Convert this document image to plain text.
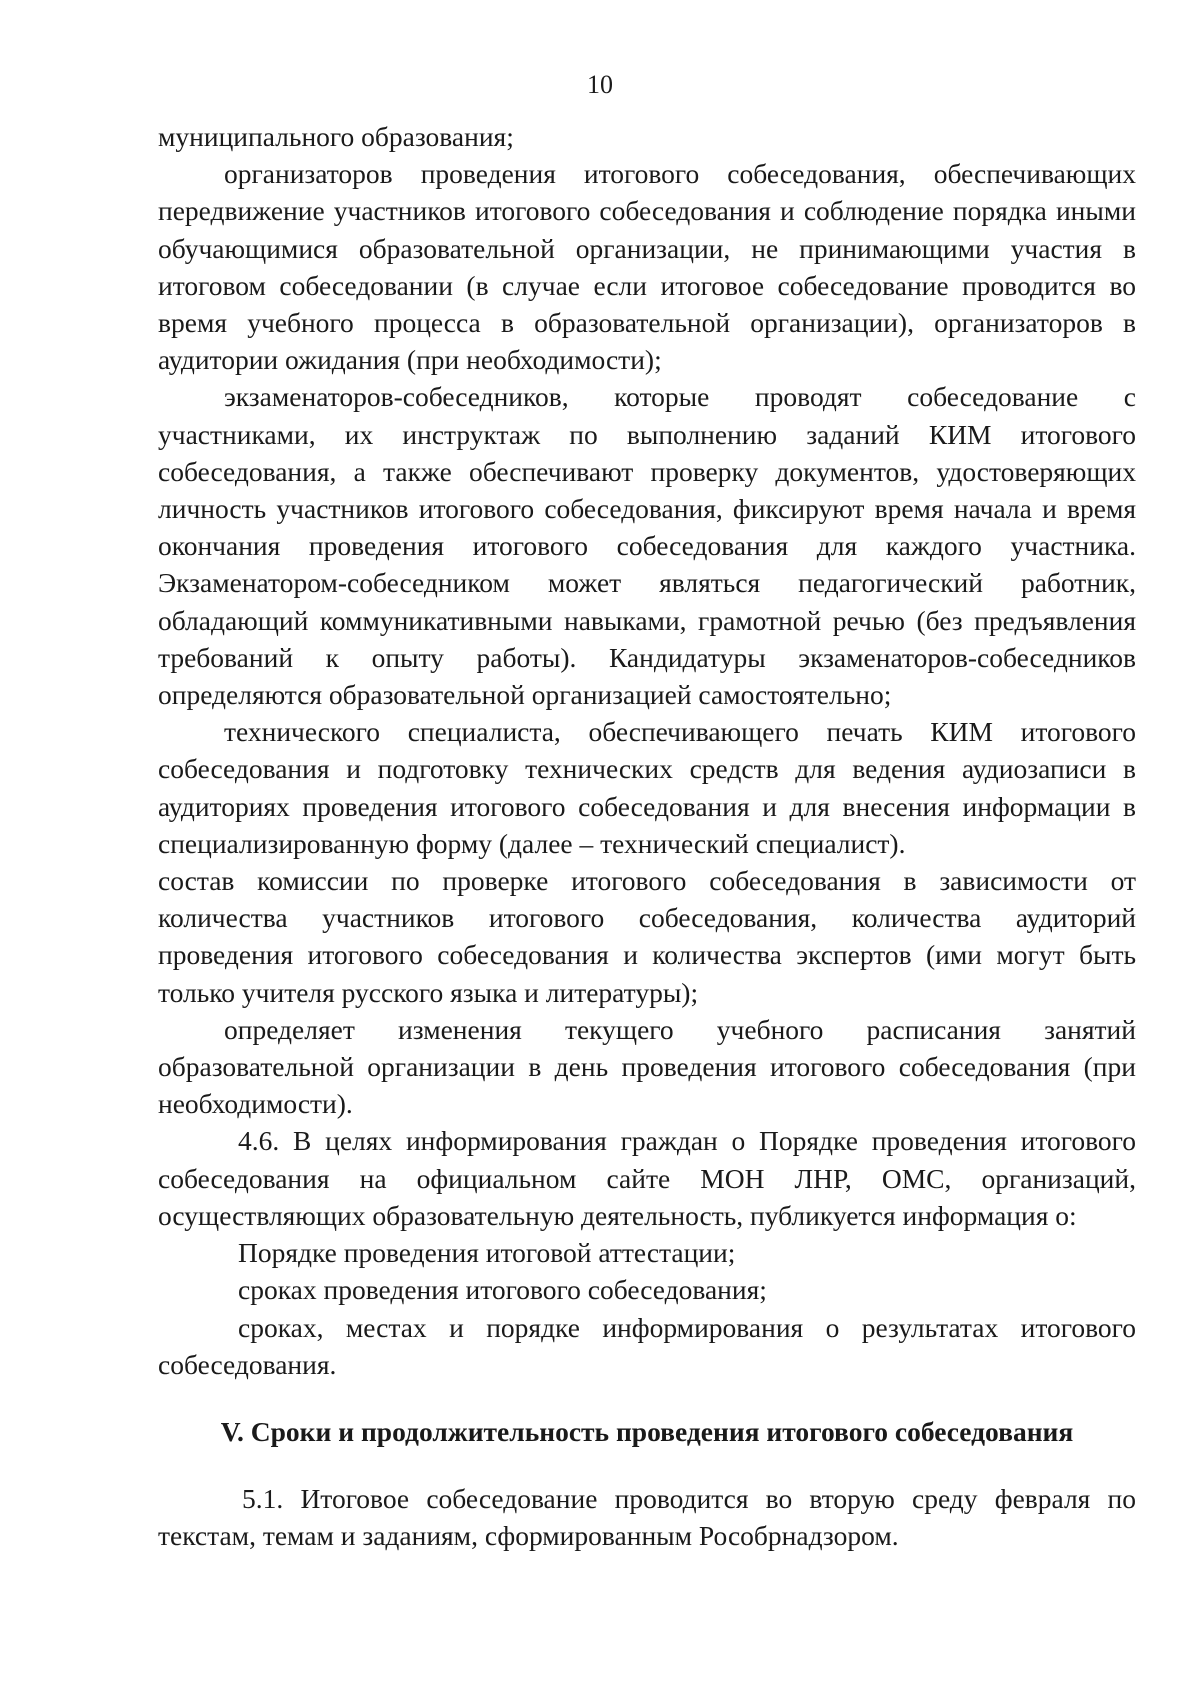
10

муниципального образования;

организаторов проведения итогового собеседования, обеспечивающих передвижение участников итогового собеседования и соблюдение порядка иными обучающимися образовательной организации, не принимающими участия в итоговом собеседовании (в случае если итоговое собеседование проводится во время учебного процесса в образовательной организации), организаторов в аудитории ожидания (при необходимости);

экзаменаторов-собеседников, которые проводят собеседование с участниками, их инструктаж по выполнению заданий КИМ итогового собеседования, а также обеспечивают проверку документов, удостоверяющих личность участников итогового собеседования, фиксируют время начала и время окончания проведения итогового собеседования для каждого участника. Экзаменатором-собеседником может являться педагогический работник, обладающий коммуникативными навыками, грамотной речью (без предъявления требований к опыту работы). Кандидатуры экзаменаторов-собеседников определяются образовательной организацией самостоятельно;

технического специалиста, обеспечивающего печать КИМ итогового собеседования и подготовку технических средств для ведения аудиозаписи в аудиториях проведения итогового собеседования и для внесения информации в специализированную форму (далее – технический специалист).

состав комиссии по проверке итогового собеседования в зависимости от количества участников итогового собеседования, количества аудиторий проведения итогового собеседования и количества экспертов (ими могут быть только учителя русского языка и литературы);

определяет изменения текущего учебного расписания занятий образовательной организации в день проведения итогового собеседования (при необходимости).

4.6. В целях информирования граждан о Порядке проведения итогового собеседования на официальном сайте МОН ЛНР, ОМС, организаций, осуществляющих образовательную деятельность, публикуется информация о:

Порядке проведения итоговой аттестации;

сроках проведения итогового собеседования;

сроках, местах и порядке информирования о результатах итогового собеседования.

V. Сроки и продолжительность проведения итогового собеседования

5.1. Итоговое собеседование проводится во вторую среду февраля по текстам, темам и заданиям, сформированным Рособрнадзором.
